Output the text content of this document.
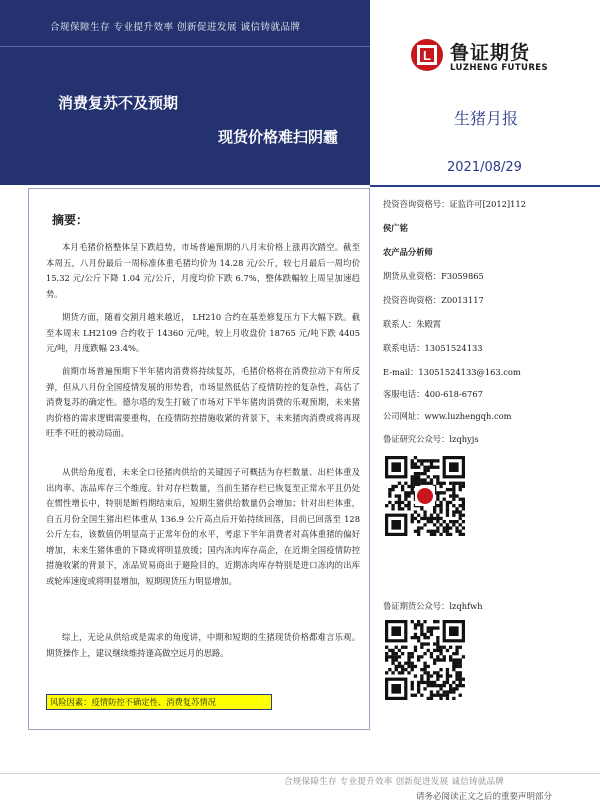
合规保障生存 专业提升效率 创新促进发展 诚信铸就品牌
消费复苏不及预期
现货价格难扫阴霾
L 鲁证期货
LUZHENG FUTURES
生猪月报
2021/08/29
摘要：
本月毛猪价格整体呈下跌趋势，市场普遍预期的八月末价格上涨再次踏空。截至本周五，八月份最后一周标准体重毛猪均价为 14.28 元/公斤，较七月最后一周均价 15.32 元/公斤下降 1.04 元/公斤，月度均价下跌 6.7%，整体跌幅较上周呈加速趋势。
期货方面，随着交割月越来越近， LH210 合约在基差修复压力下大幅下跌。截至本周末 LH2109 合约收于 14360 元/吨，较上月收盘价 18765 元/吨下跌 4405 元/吨，月度跌幅 23.4%。
前期市场普遍预期下半年猪肉消费将持续复苏，毛猪价格将在消费拉动下有所反弹，但从八月份全国疫情发展的形势看，市场显然低估了疫情防控的复杂性，高估了消费复苏的确定性。德尔塔的发生打破了市场对下半年猪肉消费的乐观预期，未来猪肉价格的需求逻辑需要重构，在疫情防控措施收紧的背景下，未来猪肉消费或将再现旺季不旺的被动局面。
从供给角度看，未来全口径猪肉供给的关键因子可概括为存栏数量、出栏体重及出肉率、冻品库存三个维度。针对存栏数量，当前生猪存栏已恢复至正常水平且仍处在惯性增长中，特别是断档期结束后，短期生猪供给数量仍会增加；针对出栏体重，自五月份全国生猪出栏体重从 136.9 公斤高点后开始持续回落，目前已回落至 128 公斤左右，该数值仍明显高于正常年份的水平，考虑下半年消费者对高体重猪的偏好增加，未来生猪体重的下降或将明显放缓；国内冻肉库存高企，在近期全国疫情防控措施收紧的背景下，冻品贸易商出于避险目的，近期冻肉库存特别是进口冻肉的出库或轮库速度或将明显增加，短期现货压力明显增加。
综上，无论从供给或是需求的角度讲，中期和短期的生猪现货价格都难言乐观。期货操作上，建议继续维持逢高做空远月的思路。
风险因素：疫情防控不确定性、消费复苏情况
投资咨询资格号：证监许可[2012]112
侯广铭
农产品分析师
期货从业资格：F3059865
投资咨询资格：Z0013117
联系人：朱殿霄
联系电话：13051524133
E-mail：13051524133@163.com
客服电话：400-618-6767
公司网址：www.luzhengqh.com
鲁证研究公众号：lzqhyjs
鲁证期货公众号：lzqhfwh
合规保障生存 专业提升效率 创新促进发展 诚信铸就品牌
请务必阅读正文之后的重要声明部分
